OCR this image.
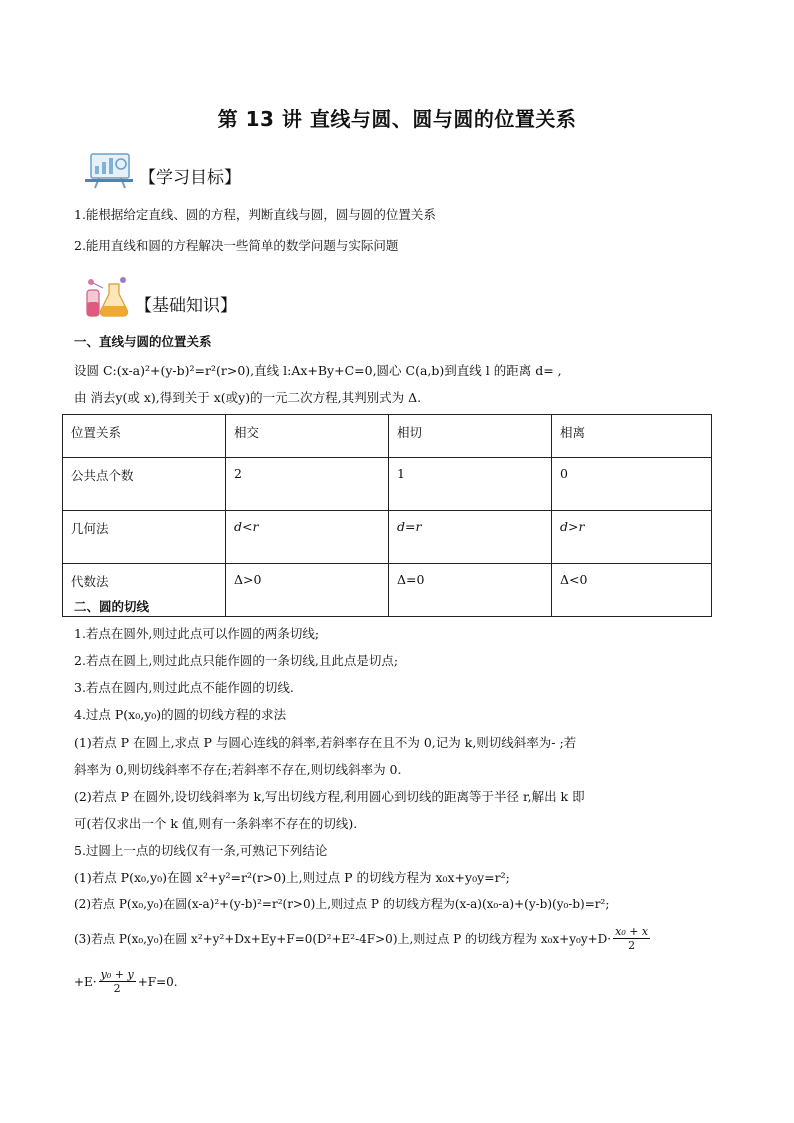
第 13 讲 直线与圆、圆与圆的位置关系
【学习目标】
1.能根据给定直线、圆的方程，判断直线与圆，圆与圆的位置关系
2.能用直线和圆的方程解决一些简单的数学问题与实际问题
【基础知识】
一、直线与圆的位置关系
设圆 C:(x-a)²+(y-b)²=r²(r>0),直线 l:Ax+By+C=0,圆心 C(a,b)到直线 l 的距离 d= ,
由 消去y(或 x),得到关于 x(或y)的一元二次方程,其判别式为 Δ.
位置关系	相交	相切	相离
公共点个数	2	1	0
几何法	d<r	d=r	d>r
代数法	Δ>0	Δ=0	Δ<0
二、圆的切线
1.若点在圆外,则过此点可以作圆的两条切线;
2.若点在圆上,则过此点只能作圆的一条切线,且此点是切点;
3.若点在圆内,则过此点不能作圆的切线.
4.过点 P(x₀,y₀)的圆的切线方程的求法
(1)若点 P 在圆上,求点 P 与圆心连线的斜率,若斜率存在且不为 0,记为 k,则切线斜率为- ;若
斜率为 0,则切线斜率不存在;若斜率不存在,则切线斜率为 0.
(2)若点 P 在圆外,设切线斜率为 k,写出切线方程,利用圆心到切线的距离等于半径 r,解出 k 即
可(若仅求出一个 k 值,则有一条斜率不存在的切线).
5.过圆上一点的切线仅有一条,可熟记下列结论
(1)若点 P(x₀,y₀)在圆 x²+y²=r²(r>0)上,则过点 P 的切线方程为 x₀x+y₀y=r²;
(2)若点 P(x₀,y₀)在圆(x-a)²+(y-b)²=r²(r>0)上,则过点 P 的切线方程为(x-a)(x₀-a)+(y-b)(y₀-b)=r²;
(3)若点 P(x₀,y₀)在圆 x²+y²+Dx+Ey+F=0(D²+E²-4F>0)上,则过点 P 的切线方程为 $x_0x+y_0y+D\cdot \frac{\text{x₀ + x}}{2}$
$+E\cdot \frac{\text{y₀ + y}}{2} +F=0$.
